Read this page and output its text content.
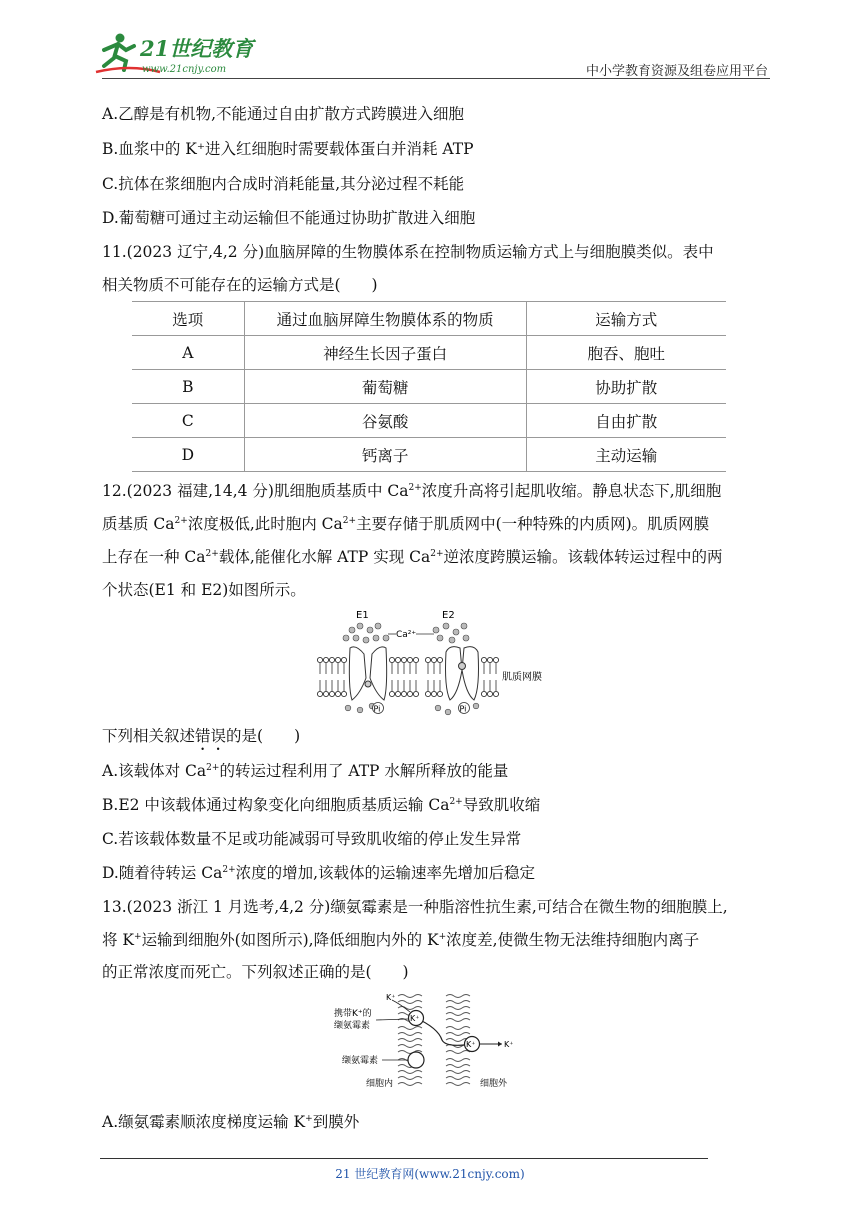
21世纪教育
www.21cnjy.com	中小学教育资源及组卷应用平台
A.乙醇是有机物,不能通过自由扩散方式跨膜进入细胞
B.血浆中的 K⁺进入红细胞时需要载体蛋白并消耗 ATP
C.抗体在浆细胞内合成时消耗能量,其分泌过程不耗能
D.葡萄糖可通过主动运输但不能通过协助扩散进入细胞
11.(2023 辽宁,4,2 分)血脑屏障的生物膜体系在控制物质运输方式上与细胞膜类似。表中
相关物质不可能存在的运输方式是(　　)
选项	通过血脑屏障生物膜体系的物质	运输方式
A	神经生长因子蛋白	胞吞、胞吐
B	葡萄糖	协助扩散
C	谷氨酸	自由扩散
D	钙离子	主动运输
12.(2023 福建,14,4 分)肌细胞质基质中 $Ca^{2+}$浓度升高将引起肌收缩。静息状态下,肌细胞
质基质 $Ca^{2+}$浓度极低,此时胞内 $Ca^{2+}$主要存储于肌质网中(一种特殊的内质网)。肌质网膜
上存在一种 $Ca^{2+}$载体,能催化水解 ATP 实现 $Ca^{2+}$逆浓度跨膜运输。该载体转运过程中的两
个状态(E1 和 E2)如图所示。
E1	E2
Ca²⁺
肌质网膜
Pi	Pi
下列相关叙述错误的是(　　)
A.该载体对 $Ca^{2+}$的转运过程利用了 ATP 水解所释放的能量
B.E2 中该载体通过构象变化向细胞质基质运输 $Ca^{2+}$导致肌收缩
C.若该载体数量不足或功能减弱可导致肌收缩的停止发生异常
D.随着待转运 $Ca^{2+}$浓度的增加,该载体的运输速率先增加后稳定
13.(2023 浙江 1 月选考,4,2 分)缬氨霉素是一种脂溶性抗生素,可结合在微生物的细胞膜上,
将 K+运输到细胞外(如图所示),降低细胞内外的 K+浓度差,使微生物无法维持细胞内离子
的正常浓度而死亡。下列叙述正确的是(　　)
K⁺
K⁺	K⁺
K⁺
携带K⁺的
缬氨霉素
缬氨霉素
细胞内	细胞外
A.缬氨霉素顺浓度梯度运输 K+到膜外
21 世纪教育网(www.21cnjy.com)
